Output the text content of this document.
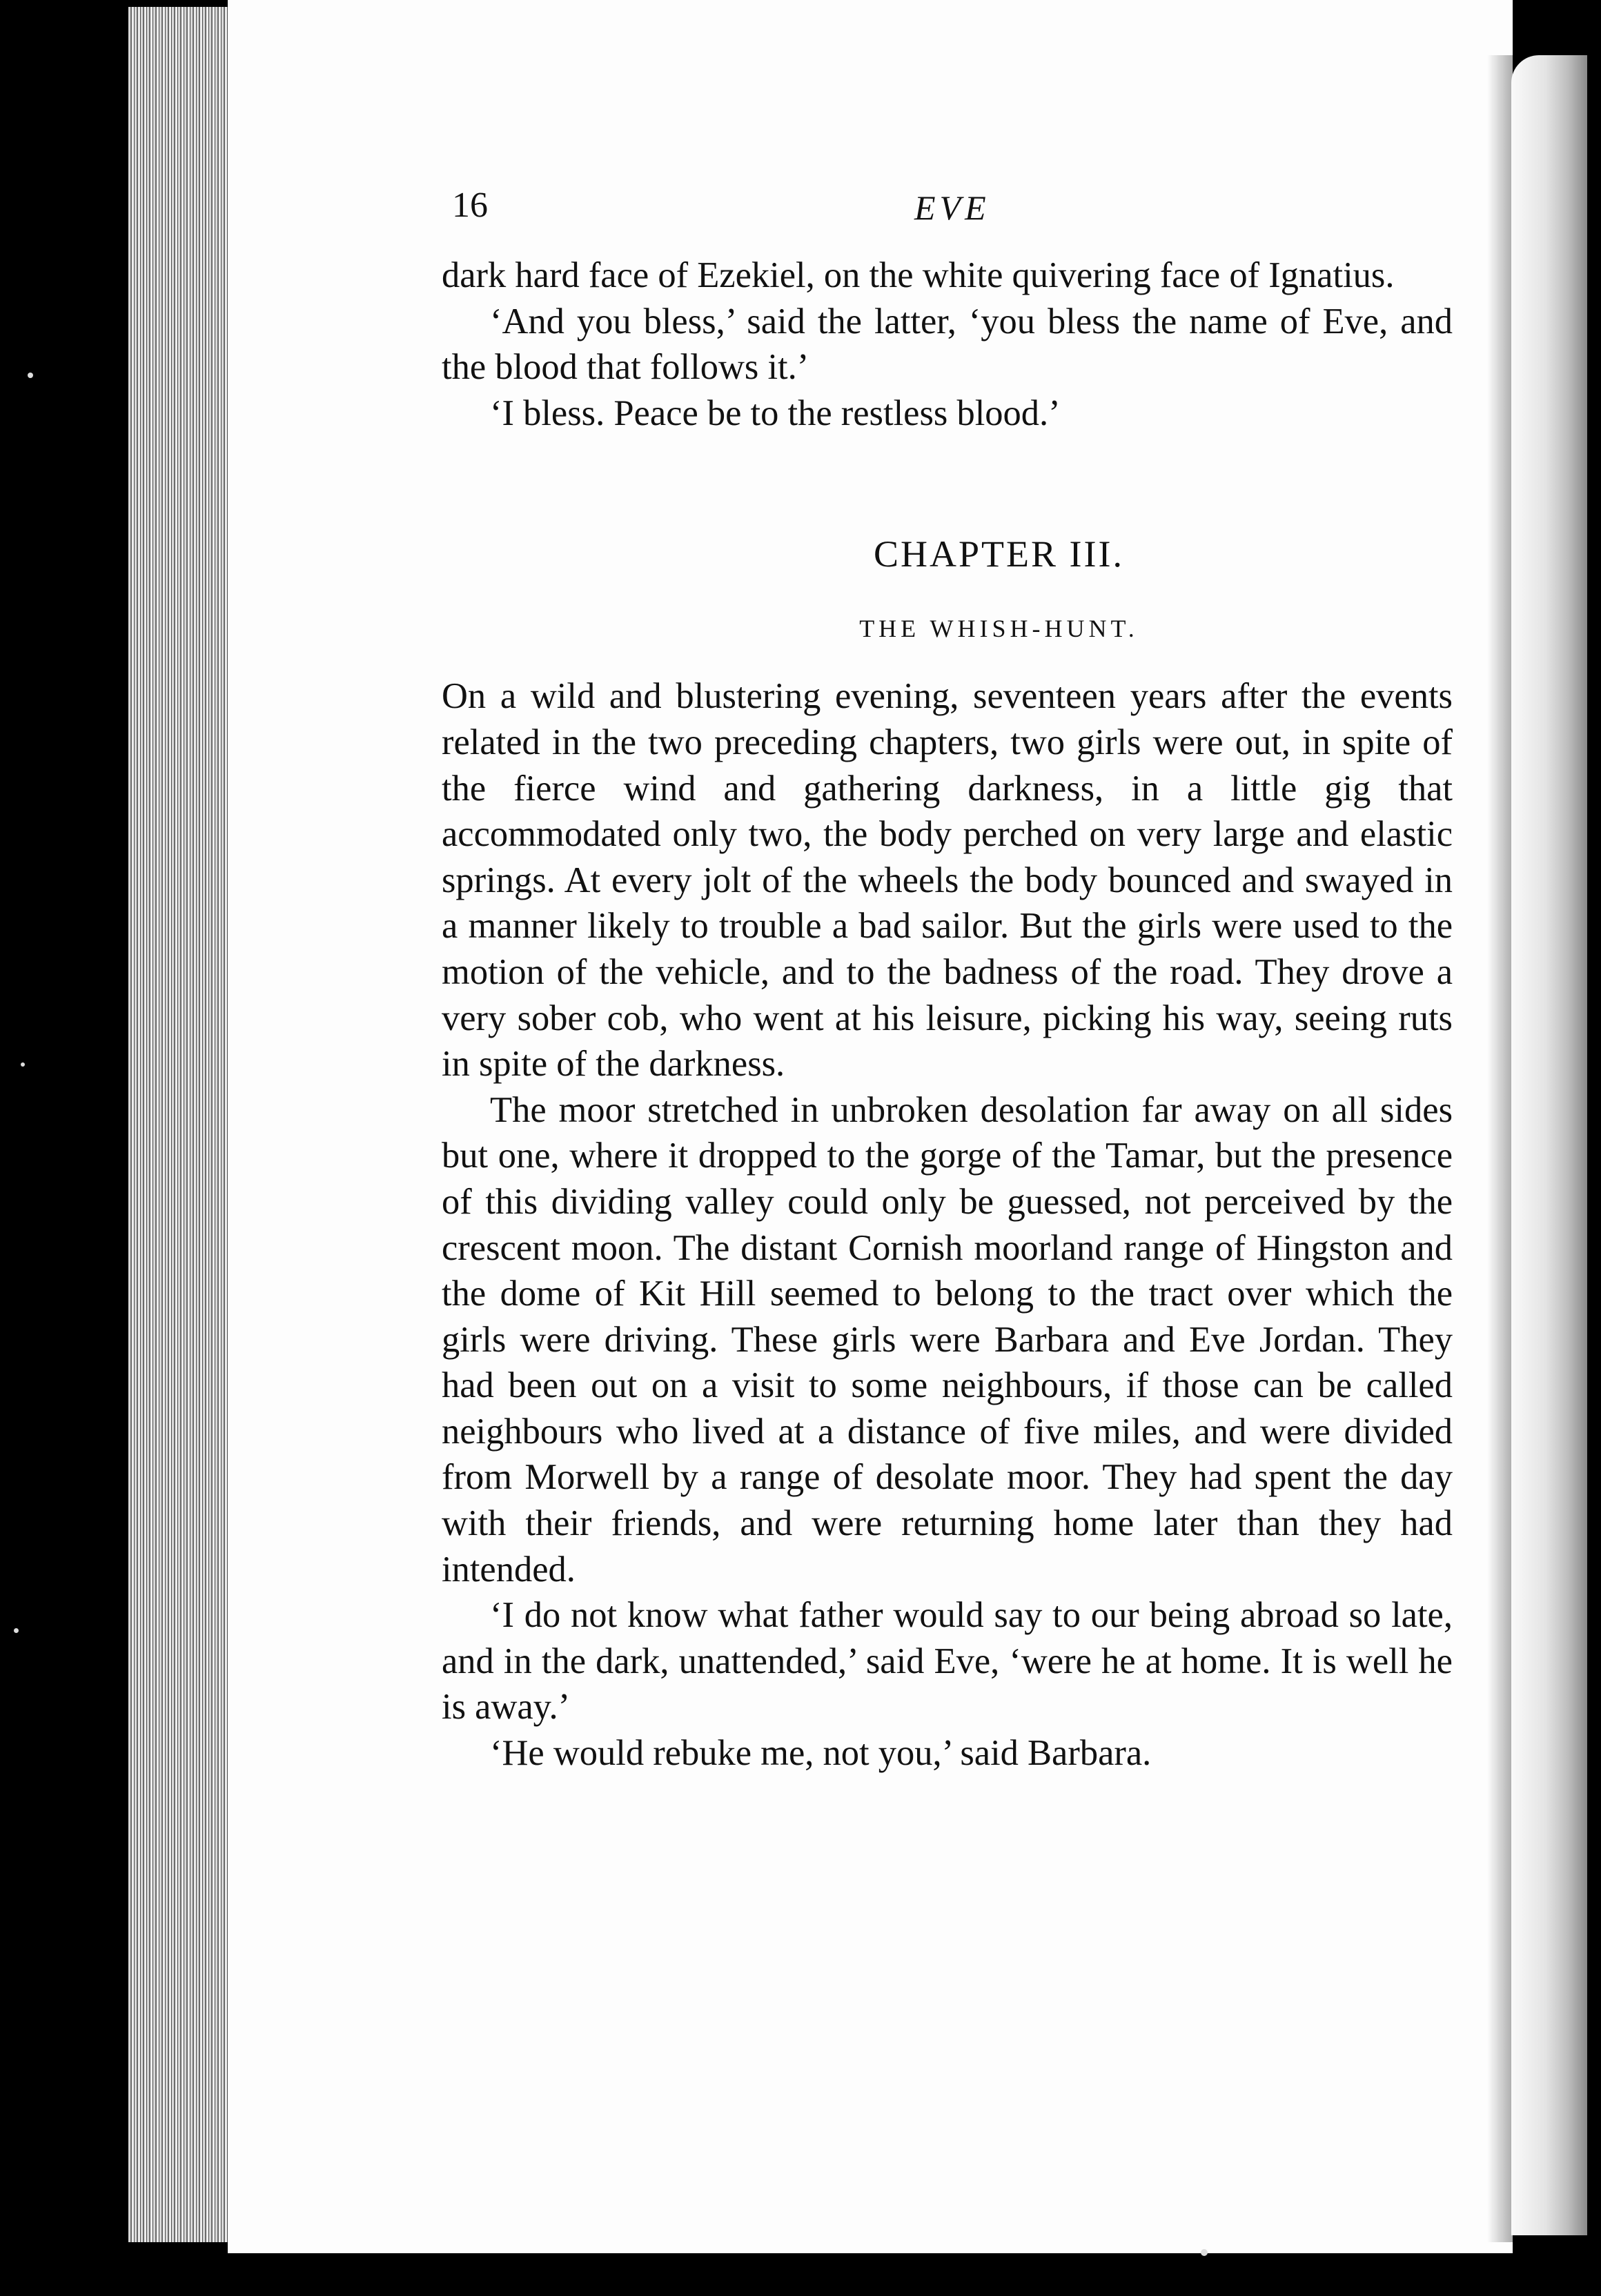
16	EVE

dark hard face of Ezekiel, on the white quivering face of Ignatius.

‘And you bless,’ said the latter, ‘you bless the name of Eve, and the blood that follows it.’

‘I bless. Peace be to the restless blood.’

CHAPTER III.
THE WHISH-HUNT.

On a wild and blustering evening, seventeen years after the events related in the two preceding chapters, two girls were out, in spite of the fierce wind and gathering darkness, in a little gig that accommodated only two, the body perched on very large and elastic springs. At every jolt of the wheels the body bounced and swayed in a manner likely to trouble a bad sailor. But the girls were used to the motion of the vehicle, and to the badness of the road. They drove a very sober cob, who went at his leisure, picking his way, seeing ruts in spite of the darkness.

The moor stretched in unbroken desolation far away on all sides but one, where it dropped to the gorge of the Tamar, but the presence of this dividing valley could only be guessed, not perceived by the crescent moon. The distant Cornish moorland range of Hingston and the dome of Kit Hill seemed to belong to the tract over which the girls were driving. These girls were Barbara and Eve Jordan. They had been out on a visit to some neighbours, if those can be called neighbours who lived at a distance of five miles, and were divided from Morwell by a range of desolate moor. They had spent the day with their friends, and were returning home later than they had intended.

‘I do not know what father would say to our being abroad so late, and in the dark, unattended,’ said Eve, ‘were he at home. It is well he is away.’

‘He would rebuke me, not you,’ said Barbara.
